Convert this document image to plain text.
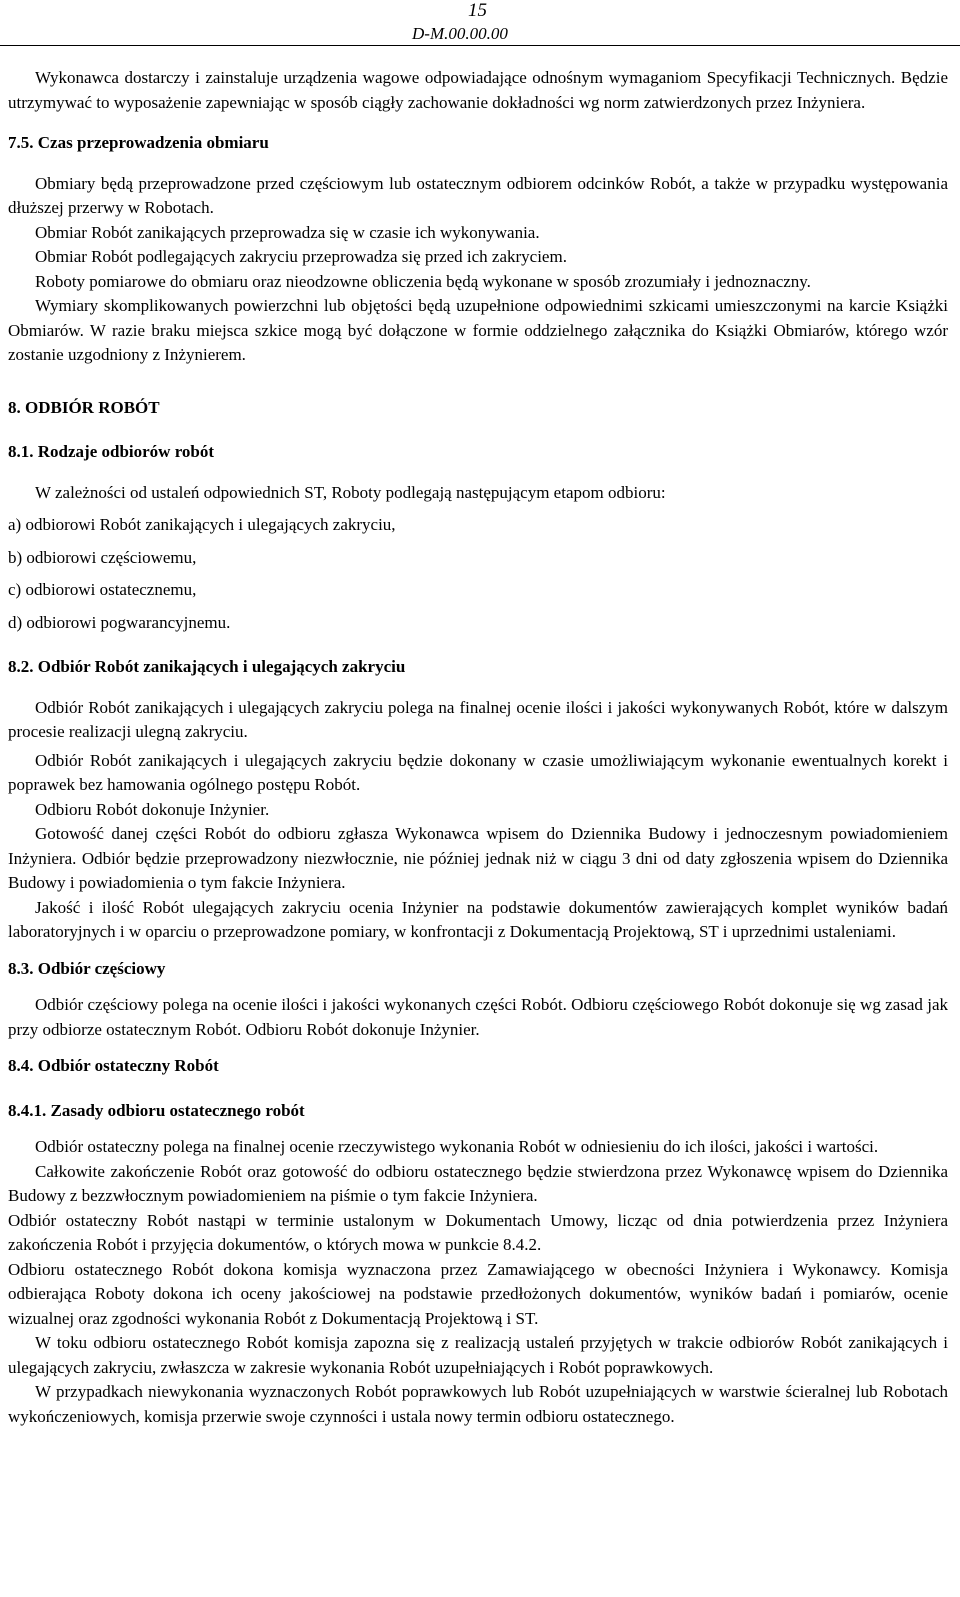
15
D-M.00.00.00

Wykonawca dostarczy i zainstaluje urządzenia wagowe odpowiadające odnośnym wymaganiom Specyfikacji Technicznych. Będzie utrzymywać to wyposażenie zapewniając w sposób ciągły zachowanie dokładności wg norm zatwierdzonych przez Inżyniera.

7.5. Czas przeprowadzenia obmiaru

Obmiary będą przeprowadzone przed częściowym lub ostatecznym odbiorem odcinków Robót, a także w przypadku występowania dłuższej przerwy w Robotach.

Obmiar Robót zanikających przeprowadza się w czasie ich wykonywania.

Obmiar Robót podlegających zakryciu przeprowadza się przed ich zakryciem.

Roboty pomiarowe do obmiaru oraz nieodzowne obliczenia będą wykonane w sposób zrozumiały i jednoznaczny.

Wymiary skomplikowanych powierzchni lub objętości będą uzupełnione odpowiednimi szkicami umieszczonymi na karcie Książki Obmiarów. W razie braku miejsca szkice mogą być dołączone w formie oddzielnego załącznika do Książki Obmiarów, którego wzór zostanie uzgodniony z Inżynierem.

8. ODBIÓR ROBÓT

8.1. Rodzaje odbiorów robót

W zależności od ustaleń odpowiednich ST, Roboty podlegają następującym etapom odbioru:

a) odbiorowi Robót zanikających i ulegających zakryciu,

b) odbiorowi częściowemu,

c) odbiorowi ostatecznemu,

d) odbiorowi pogwarancyjnemu.

8.2. Odbiór Robót zanikających i ulegających zakryciu

Odbiór Robót zanikających i ulegających zakryciu polega na finalnej ocenie ilości i jakości wykonywanych Robót, które w dalszym procesie realizacji ulegną zakryciu.

Odbiór Robót zanikających i ulegających zakryciu będzie dokonany w czasie umożliwiającym wykonanie ewentualnych korekt i poprawek bez hamowania ogólnego postępu Robót.

Odbioru Robót dokonuje Inżynier.

Gotowość danej części Robót do odbioru zgłasza Wykonawca wpisem do Dziennika Budowy i jednoczesnym powiadomieniem Inżyniera. Odbiór będzie przeprowadzony niezwłocznie, nie później jednak niż w ciągu 3 dni od daty zgłoszenia wpisem do Dziennika Budowy i powiadomienia o tym fakcie Inżyniera.

Jakość i ilość Robót ulegających zakryciu ocenia Inżynier na podstawie dokumentów zawierających komplet wyników badań laboratoryjnych i w oparciu o przeprowadzone pomiary, w konfrontacji z Dokumentacją Projektową, ST i uprzednimi ustaleniami.

8.3. Odbiór częściowy

Odbiór częściowy polega na ocenie ilości i jakości wykonanych części Robót. Odbioru częściowego Robót dokonuje się wg zasad jak przy odbiorze ostatecznym Robót. Odbioru Robót dokonuje Inżynier.

8.4. Odbiór ostateczny Robót

8.4.1. Zasady odbioru ostatecznego robót

Odbiór ostateczny polega na finalnej ocenie rzeczywistego wykonania Robót w odniesieniu do ich ilości, jakości i wartości.

Całkowite zakończenie Robót oraz gotowość do odbioru ostatecznego będzie stwierdzona przez Wykonawcę wpisem do Dziennika Budowy z bezzwłocznym powiadomieniem na piśmie o tym fakcie Inżyniera.

Odbiór ostateczny Robót nastąpi w terminie ustalonym w Dokumentach Umowy, licząc od dnia potwierdzenia przez Inżyniera zakończenia Robót i przyjęcia dokumentów, o których mowa w punkcie 8.4.2.

Odbioru ostatecznego Robót dokona komisja wyznaczona przez Zamawiającego w obecności Inżyniera i Wykonawcy. Komisja odbierająca Roboty dokona ich oceny jakościowej na podstawie przedłożonych dokumentów, wyników badań i pomiarów, ocenie wizualnej oraz zgodności wykonania Robót z Dokumentacją Projektową i ST.

W toku odbioru ostatecznego Robót komisja zapozna się z realizacją ustaleń przyjętych w trakcie odbiorów Robót zanikających i ulegających zakryciu, zwłaszcza w zakresie wykonania Robót uzupełniających i Robót poprawkowych.

W przypadkach niewykonania wyznaczonych Robót poprawkowych lub Robót uzupełniających w warstwie ścieralnej lub Robotach wykończeniowych, komisja przerwie swoje czynności i ustala nowy termin odbioru ostatecznego.
